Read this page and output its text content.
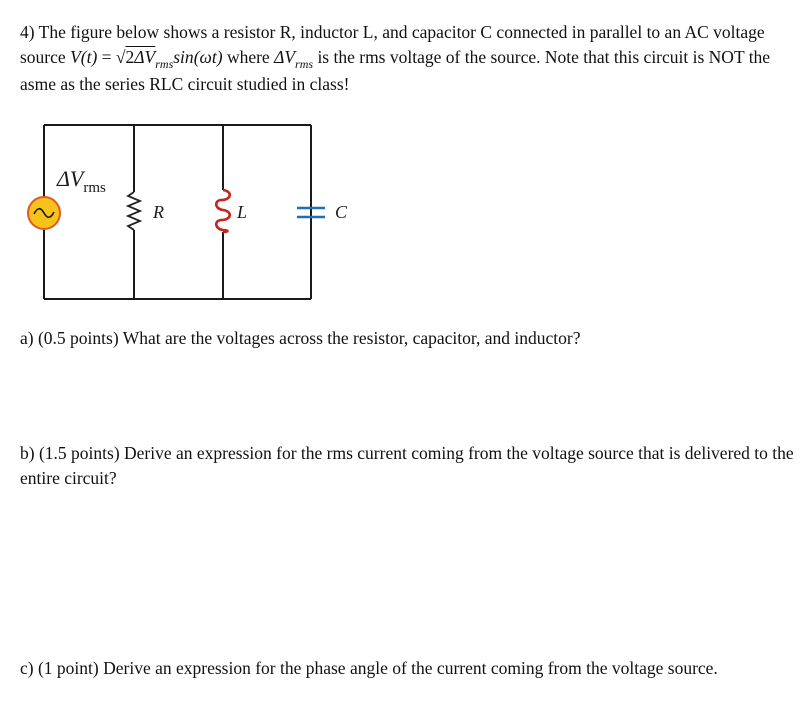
4) The figure below shows a resistor R, inductor L, and capacitor C connected in parallel to an AC voltage source $V(t) = √2\Delta V_{rms}\sin(\omega t)$ where $\Delta V_{rms}$ is the rms voltage of the source. Note that this circuit is NOT the asme as the series RLC circuit studied in class!

$\Delta V_{rms}$
R	L	C

a) (0.5 points) What are the voltages across the resistor, capacitor, and inductor?

b) (1.5 points) Derive an expression for the rms current coming from the voltage source that is delivered to the entire circuit?

c) (1 point) Derive an expression for the phase angle of the current coming from the voltage source.
